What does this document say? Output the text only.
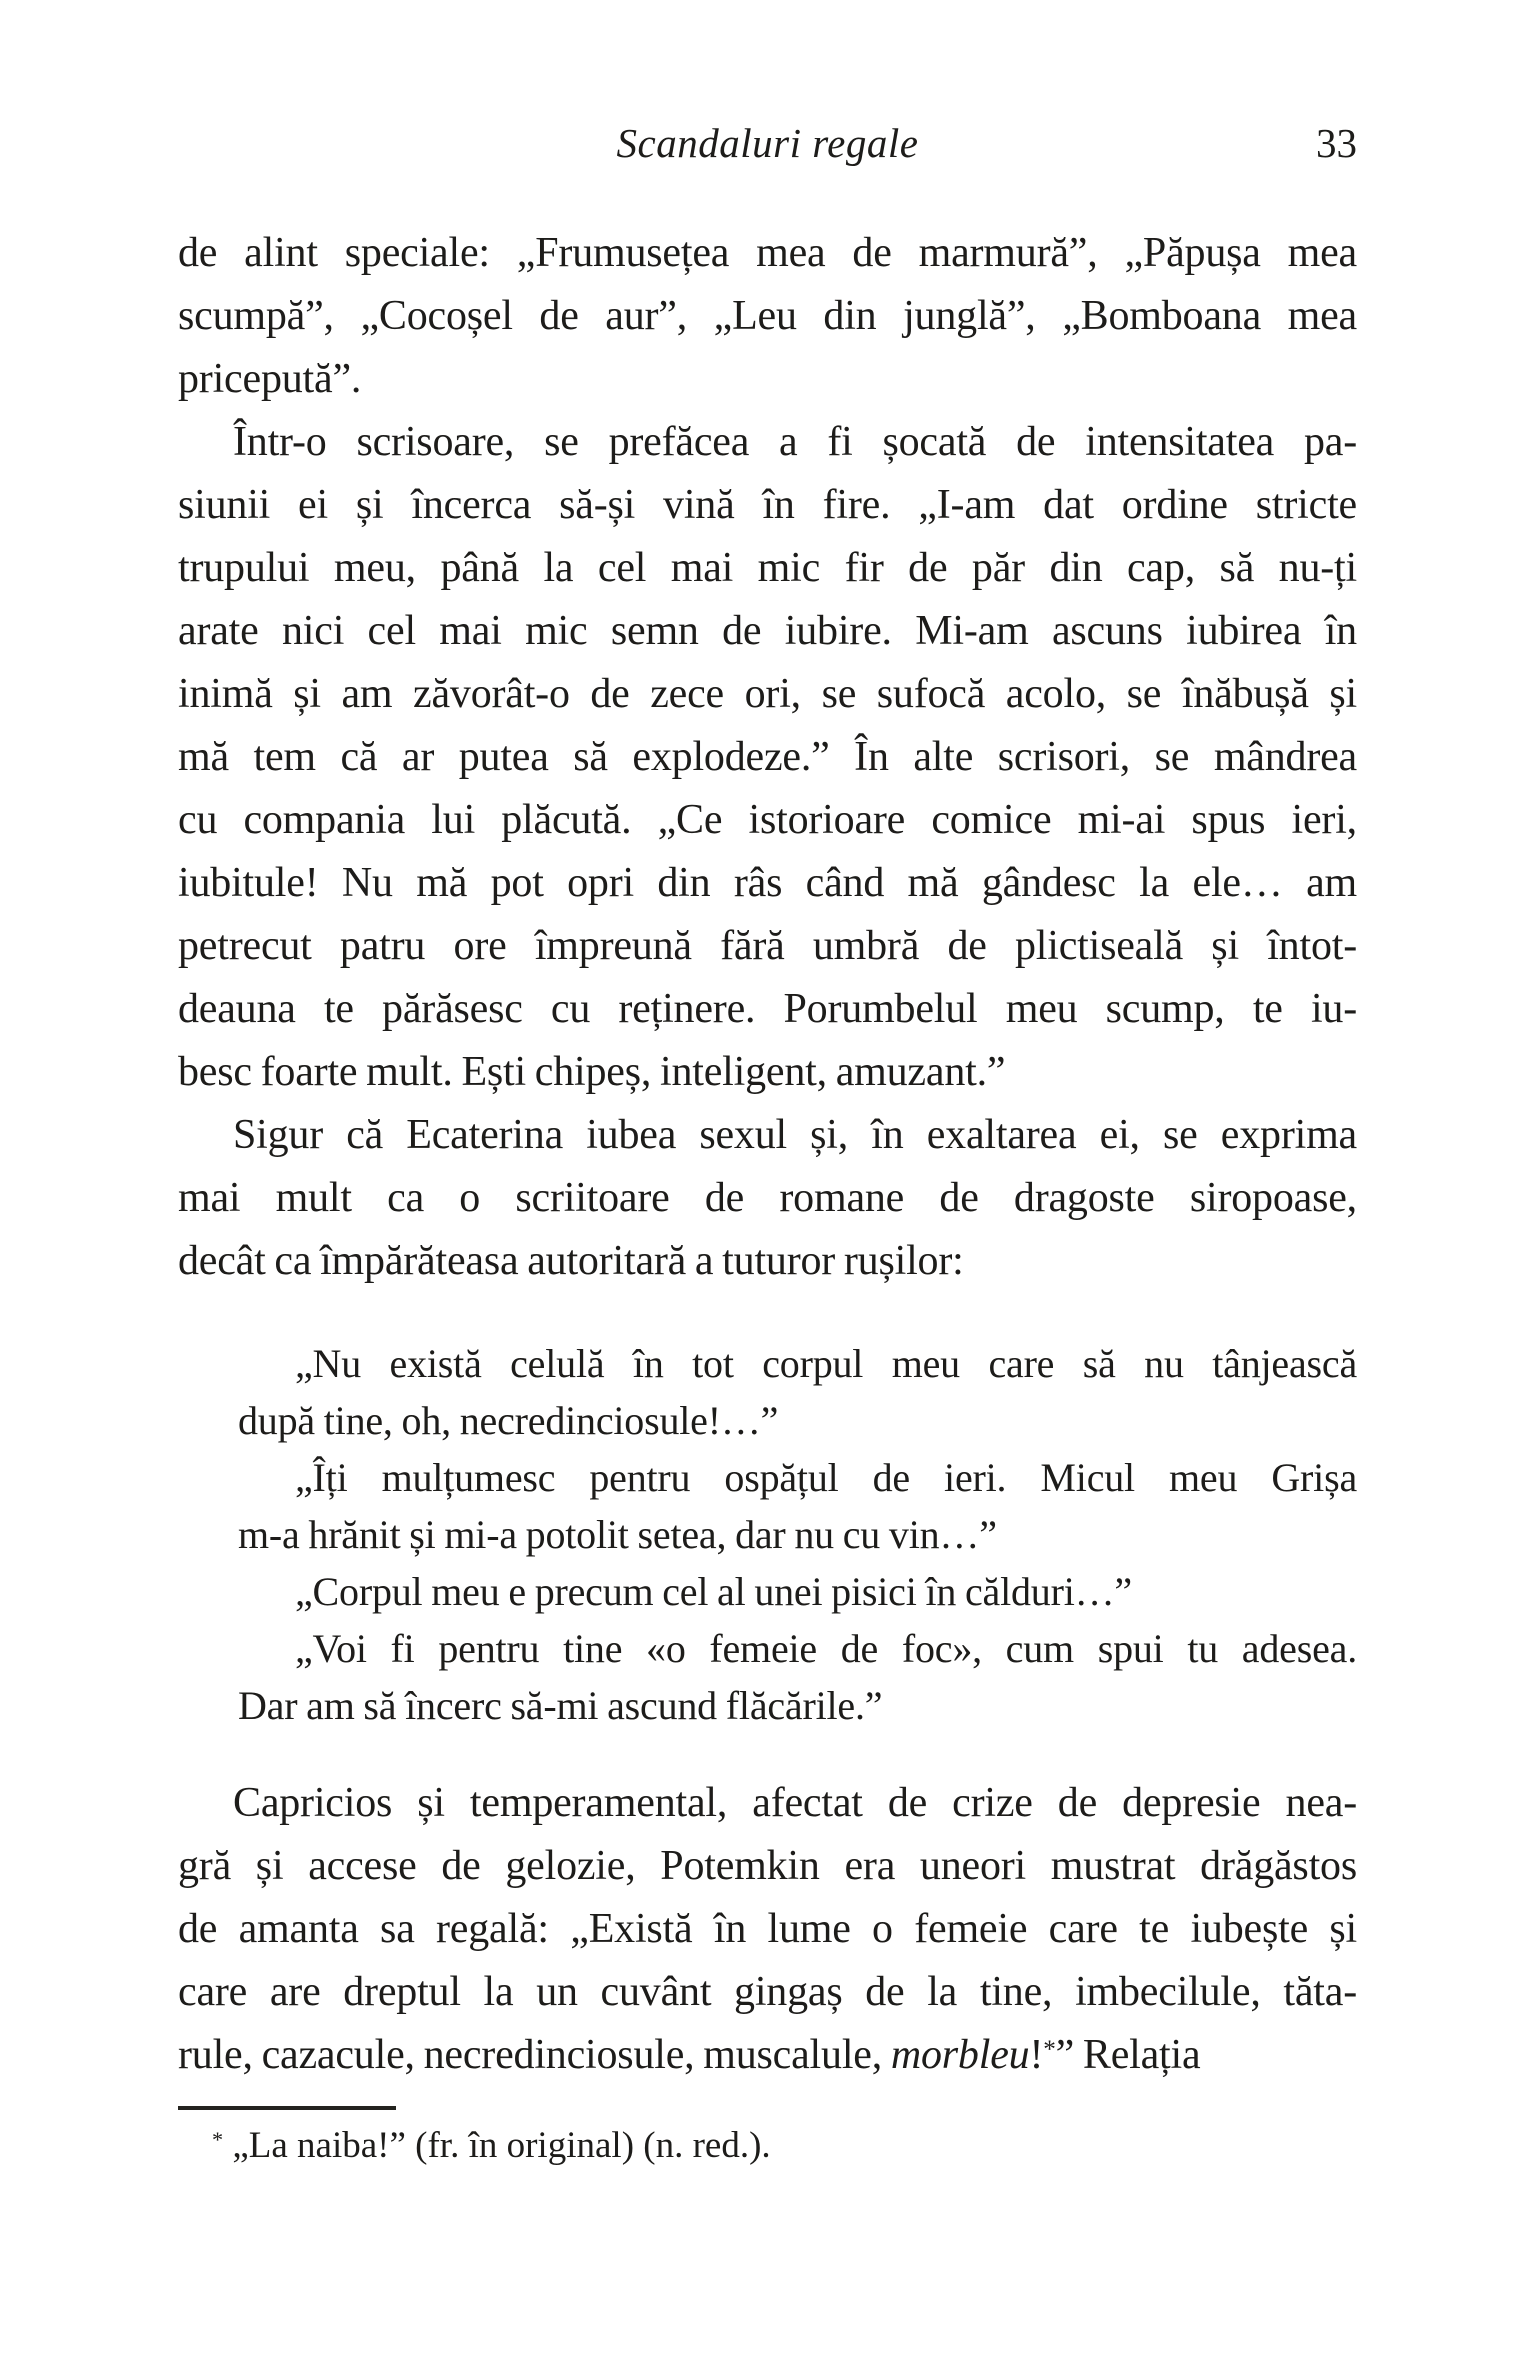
Scandaluri regale	33
de alint speciale: „Frumusețea mea de marmură”, „Păpușa mea
scumpă”, „Cocoșel de aur”, „Leu din junglă”, „Bomboana mea
pricepută”.
Într-o scrisoare, se prefăcea a fi șocată de intensitatea pa-
siunii ei și încerca să-și vină în fire. „I-am dat ordine stricte
trupului meu, până la cel mai mic fir de păr din cap, să nu-ți
arate nici cel mai mic semn de iubire. Mi-am ascuns iubirea în
inimă și am zăvorât-o de zece ori, se sufocă acolo, se înăbușă și
mă tem că ar putea să explodeze.” În alte scrisori, se mândrea
cu compania lui plăcută. „Ce istorioare comice mi-ai spus ieri,
iubitule! Nu mă pot opri din râs când mă gândesc la ele… am
petrecut patru ore împreună fără umbră de plictiseală și întot-
deauna te părăsesc cu reținere. Porumbelul meu scump, te iu-
besc foarte mult. Ești chipeș, inteligent, amuzant.”
Sigur că Ecaterina iubea sexul și, în exaltarea ei, se exprima
mai mult ca o scriitoare de romane de dragoste siropoase,
decât ca împărăteasa autoritară a tuturor rușilor:
„Nu există celulă în tot corpul meu care să nu tânjească
după tine, oh, necredinciosule!…”
„Îți mulțumesc pentru ospățul de ieri. Micul meu Grișa
m-a hrănit și mi-a potolit setea, dar nu cu vin…”
„Corpul meu e precum cel al unei pisici în călduri…”
„Voi fi pentru tine «o femeie de foc», cum spui tu adesea.
Dar am să încerc să-mi ascund flăcările.”
Capricios și temperamental, afectat de crize de depresie nea-
gră și accese de gelozie, Potemkin era uneori mustrat drăgăstos
de amanta sa regală: „Există în lume o femeie care te iubește și
care are dreptul la un cuvânt gingaș de la tine, imbecilule, tăta-
rule, cazacule, necredinciosule, muscalule, morbleu!*” Relația
* „La naiba!” (fr. în original) (n. red.).
